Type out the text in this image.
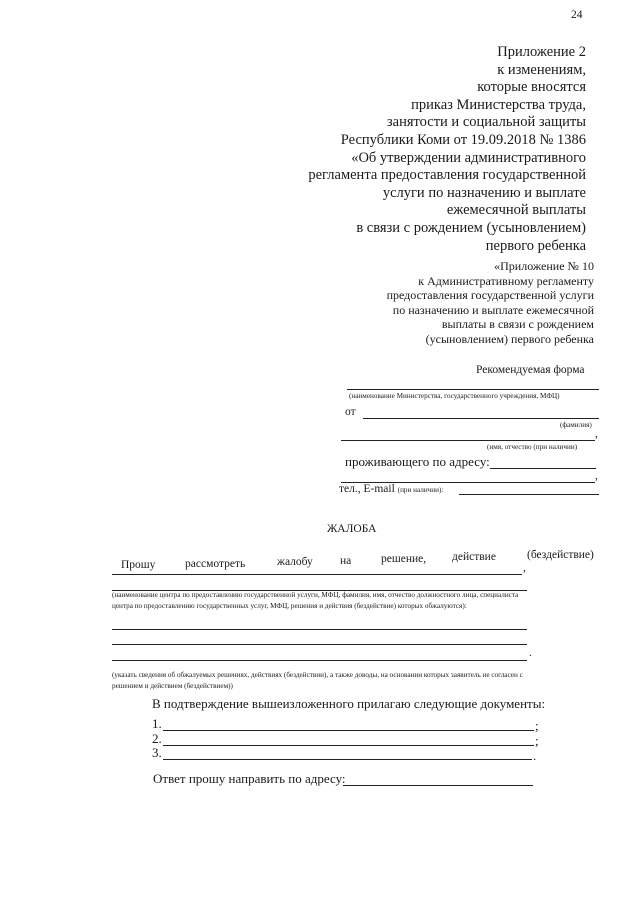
24
Приложение 2
к изменениям,
которые вносятся
приказ Министерства труда,
занятости и социальной защиты
Республики Коми от 19.09.2018 № 1386
«Об утверждении административного
регламента предоставления государственной
услуги по назначению и выплате
ежемесячной выплаты
в связи с рождением (усыновлением)
первого ребенка
«Приложение № 10
к Административному регламенту
предоставления государственной услуги
по назначению и выплате ежемесячной
выплаты в связи с рождением
(усыновлением) первого ребенка
Рекомендуемая форма
(наименование Министерства, государственного учреждения, МФЦ)
от
(фамилия)
,
(имя, отчество (при наличии)
проживающего по адресу:
,
тел., E-mail (при наличии):
ЖАЛОБА
Прошу	рассмотреть	жалобу на	решение, действие	(бездействие)
,
(наименование центра по предоставлению государственной услуги, МФЦ, фамилия, имя, отчество должностного лица, специалиста
центра по предоставлению государственных услуг, МФЦ, решения и действия (бездействие) которых обжалуются):
.
(указать сведения об обжалуемых решениях, действиях (бездействии), а также доводы, на основании которых заявитель не согласен с
решением и действием (бездействием))
В подтверждение вышеизложенного прилагаю следующие документы:
1.	;
2.	;
3.	.
Ответ прошу направить по адресу:
